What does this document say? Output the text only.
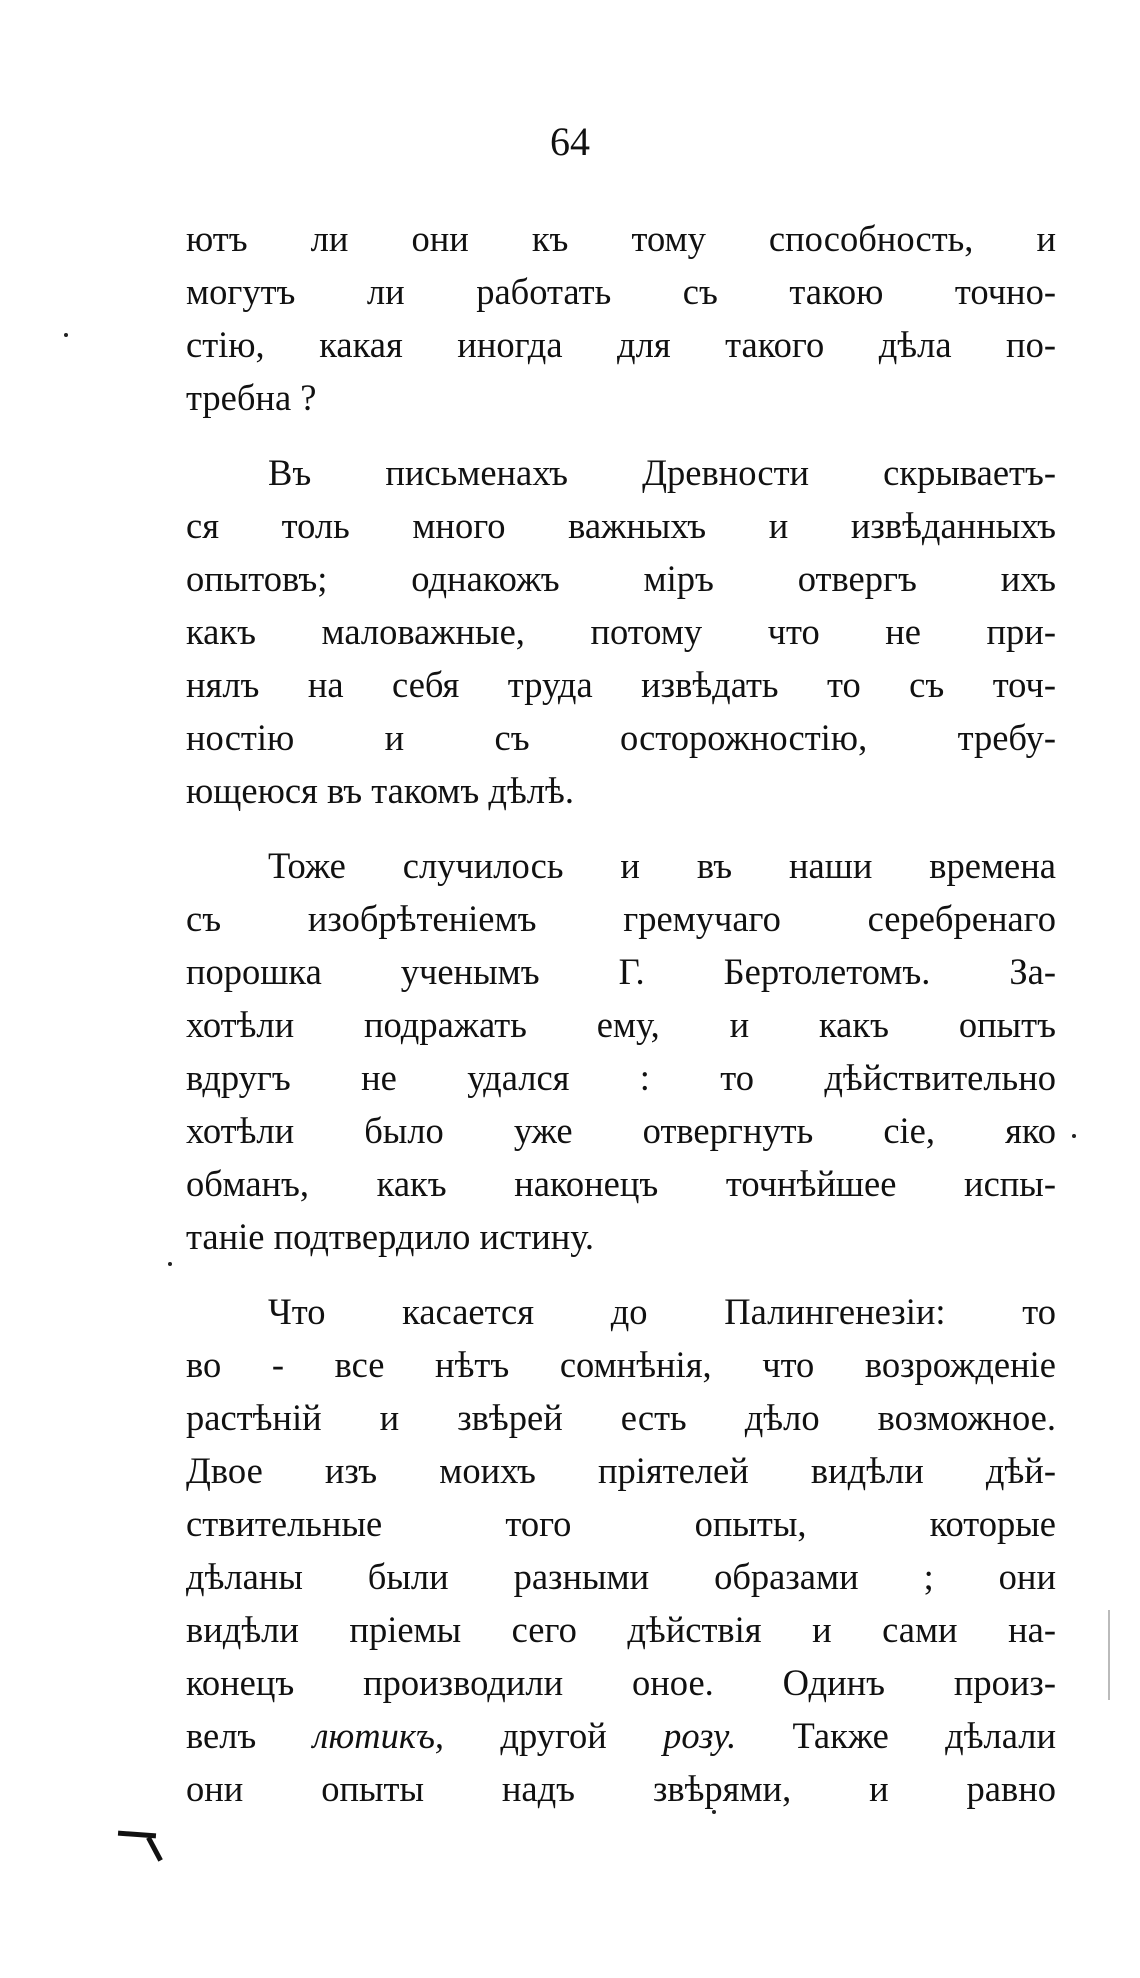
64
ютъ ли они къ тому способность, и
могутъ ли работать съ такою точно-
стію, какая иногда для такого дѣла по-
требна ?
Въ письменахъ Древности скрываетъ-
ся толь много важныхъ и извѣданныхъ
опытовъ; однакожъ міръ отвергъ ихъ
какъ маловажные, потому что не при-
нялъ на себя труда извѣдать то съ точ-
ностію и съ осторожностію, требу-
ющеюся въ такомъ дѣлѣ.
Тоже случилось и въ наши времена
съ изобрѣтеніемъ гремучаго серебренаго
порошка ученымъ Г. Бертолетомъ. За-
хотѣли подражать ему, и какъ опытъ
вдругъ не удался : то дѣйствительно
хотѣли было уже отвергнуть сіе, яко
обманъ, какъ наконецъ точнѣйшее испы-
таніе подтвердило истину.
Что касается до Палингенезіи: то
во - все нѣтъ сомнѣнія, что возрожденіе
растѣній и звѣрей есть дѣло возможное.
Двое изъ моихъ пріятелей видѣли дѣй-
ствительные того опыты, которые
дѣланы были разными образами ; они
видѣли пріемы сего дѣйствія и сами на-
конецъ производили оное. Одинъ произ-
велъ лютикъ, другой розу. Также дѣлали
они опыты надъ звѣрями, и равно
